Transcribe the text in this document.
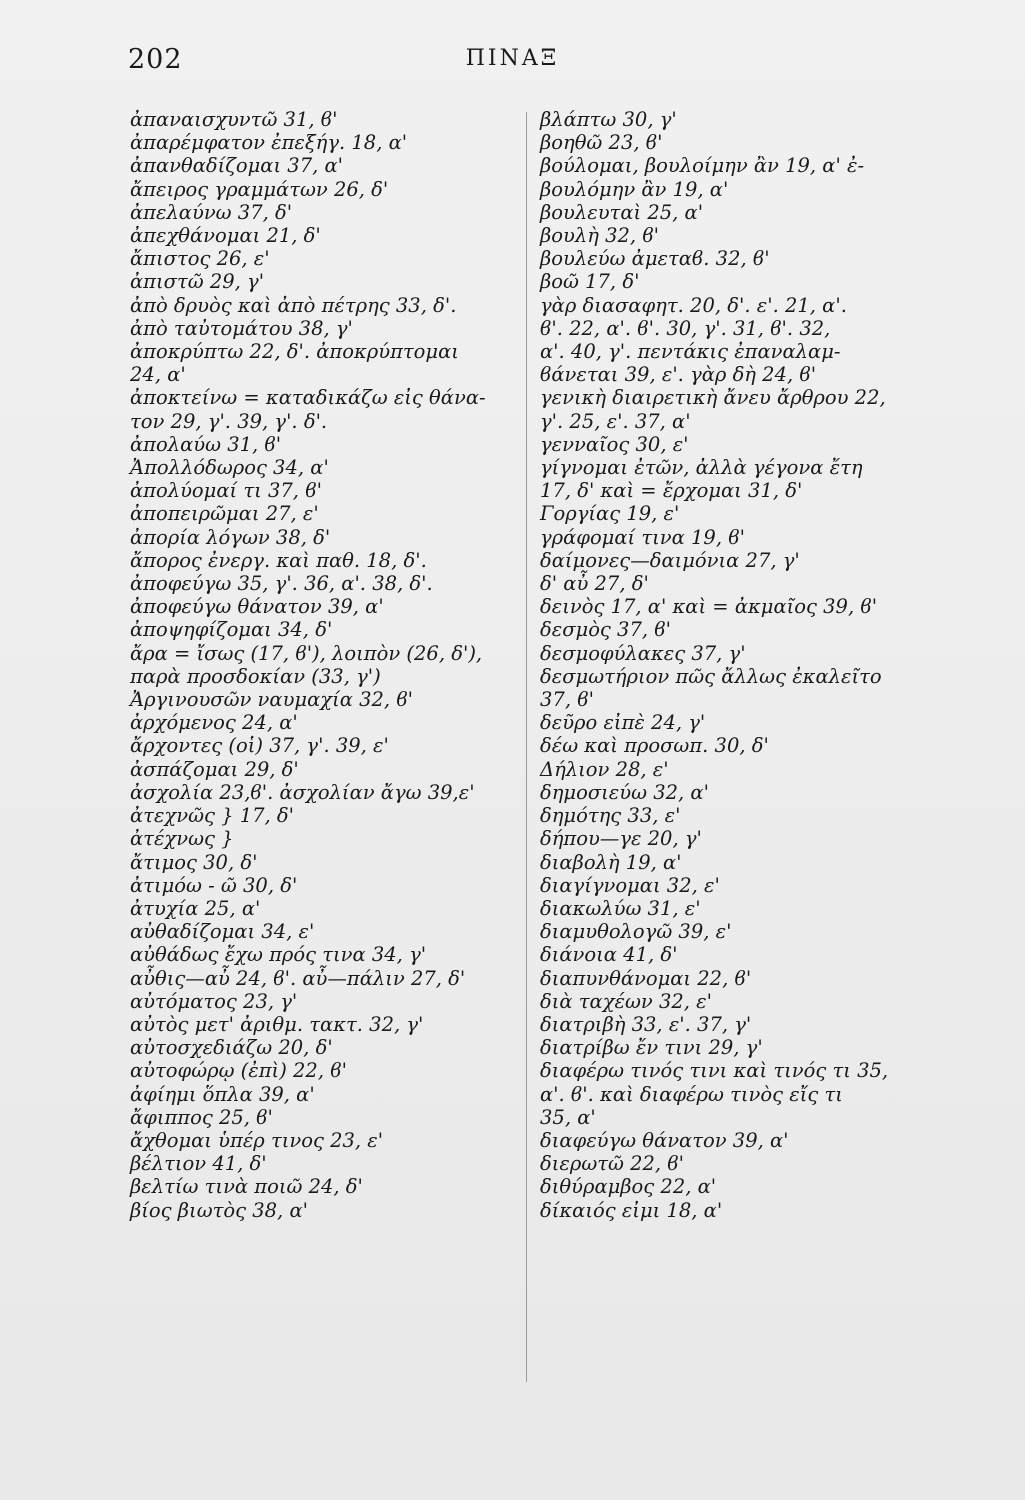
202	ΠΙΝΑΞ

ἀπαναισχυντῶ 31, ϐ'

ἀπαρέμφατον ἐπεξήγ. 18, α'

ἀπανθαδίζομαι 37, α'

ἄπειρος γραμμάτων 26, δ'

ἀπελαύνω 37, δ'

ἀπεχθάνομαι 21, δ'

ἄπιστος 26, ε'

ἀπιστῶ 29, γ'

ἀπὸ δρυὸς καὶ ἀπὸ πέτρης 33, δ'.
ἀπὸ ταὐτομάτου 38, γ'

ἀποκρύπτω 22, δ'. ἀποκρύπτομαι
24, α'

ἀποκτείνω = καταδικάζω εἰς θάνα-
τον 29, γ'. 39, γ'. δ'.

ἀπολαύω 31, ϐ'

Ἀπολλόδωρος 34, α'

ἀπολύομαί τι 37, ϐ'

ἀποπειρῶμαι 27, ε'

ἀπορία λόγων 38, δ'

ἄπορος ἐνεργ. καὶ παθ. 18, δ'.

ἀποφεύγω 35, γ'. 36, α'. 38, δ'.
ἀποφεύγω θάνατον 39, α'

ἀποψηφίζομαι 34, δ'

ἄρα = ἴσως (17, ϐ'), λοιπὸν (26, δ'),
παρὰ προσδοκίαν (33, γ')

Ἀργινουσῶν ναυμαχία 32, ϐ'

ἀρχόμενος 24, α'

ἄρχοντες (οἱ) 37, γ'. 39, ε'

ἀσπάζομαι 29, δ'

ἀσχολία 23,ϐ'. ἀσχολίαν ἄγω 39,ε'

ἀτεχνῶς } 17, δ'

ἀτέχνως }

ἄτιμος 30, δ'

ἀτιμόω - ῶ 30, δ'

ἀτυχία 25, α'

αὐθαδίζομαι 34, ε'

αὐθάδως ἔχω πρός τινα 34, γ'

αὖθις—αὖ 24, ϐ'. αὖ—πάλιν 27, δ'

αὐτόματος 23, γ'

αὐτὸς μετ' ἀριθμ. τακτ. 32, γ'

αὐτοσχεδιάζω 20, δ'

αὐτοφώρῳ (ἐπὶ) 22, ϐ'

ἀφίημι ὅπλα 39, α'

ἄφιππος 25, ϐ'

ἄχθομαι ὑπέρ τινος 23, ε'

βέλτιον 41, δ'

βελτίω τινὰ ποιῶ 24, δ'

βίος βιωτὸς 38, α'

βλάπτω 30, γ'

βοηθῶ 23, ϐ'

βούλομαι, βουλοίμην ἂν 19, α' ἐ-
βουλόμην ἂν 19, α'

βουλευταὶ 25, α'

βουλὴ 32, ϐ'

βουλεύω ἀμεταϐ. 32, ϐ'

βοῶ 17, δ'

γὰρ διασαφητ. 20, δ'. ε'. 21, α'.
ϐ'. 22, α'. ϐ'. 30, γ'. 31, ϐ'. 32,
α'. 40, γ'. πεντάκις ἐπαναλαμ-
ϐάνεται 39, ε'. γὰρ δὴ 24, ϐ'

γενικὴ διαιρετικὴ ἄνευ ἄρθρου 22,
γ'. 25, ε'. 37, α'

γενναῖος 30, ε'

γίγνομαι ἐτῶν, ἀλλὰ γέγονα ἔτη
17, δ' καὶ = ἔρχομαι 31, δ'

Γοργίας 19, ε'

γράφομαί τινα 19, ϐ'

δαίμονες—δαιμόνια 27, γ'

δ' αὖ 27, δ'

δεινὸς 17, α' καὶ = ἀκμαῖος 39, ϐ'

δεσμὸς 37, ϐ'

δεσμοφύλακες 37, γ'

δεσμωτήριον πῶς ἄλλως ἐκαλεῖτο
37, ϐ'

δεῦρο εἰπὲ 24, γ'

δέω καὶ προσωπ. 30, δ'

Δήλιον 28, ε'

δημοσιεύω 32, α'

δημότης 33, ε'

δήπου—γε 20, γ'

διαβολὴ 19, α'

διαγίγνομαι 32, ε'

διακωλύω 31, ε'

διαμυθολογῶ 39, ε'

διάνοια 41, δ'

διαπυνθάνομαι 22, ϐ'

διὰ ταχέων 32, ε'

διατριβὴ 33, ε'. 37, γ'

διατρίβω ἔν τινι 29, γ'

διαφέρω τινός τινι καὶ τινός τι 35,
α'. ϐ'. καὶ διαφέρω τινὸς εἴς τι
35, α'

διαφεύγω θάνατον 39, α'

διερωτῶ 22, ϐ'

διθύραμβος 22, α'

δίκαιός εἰμι 18, α'
